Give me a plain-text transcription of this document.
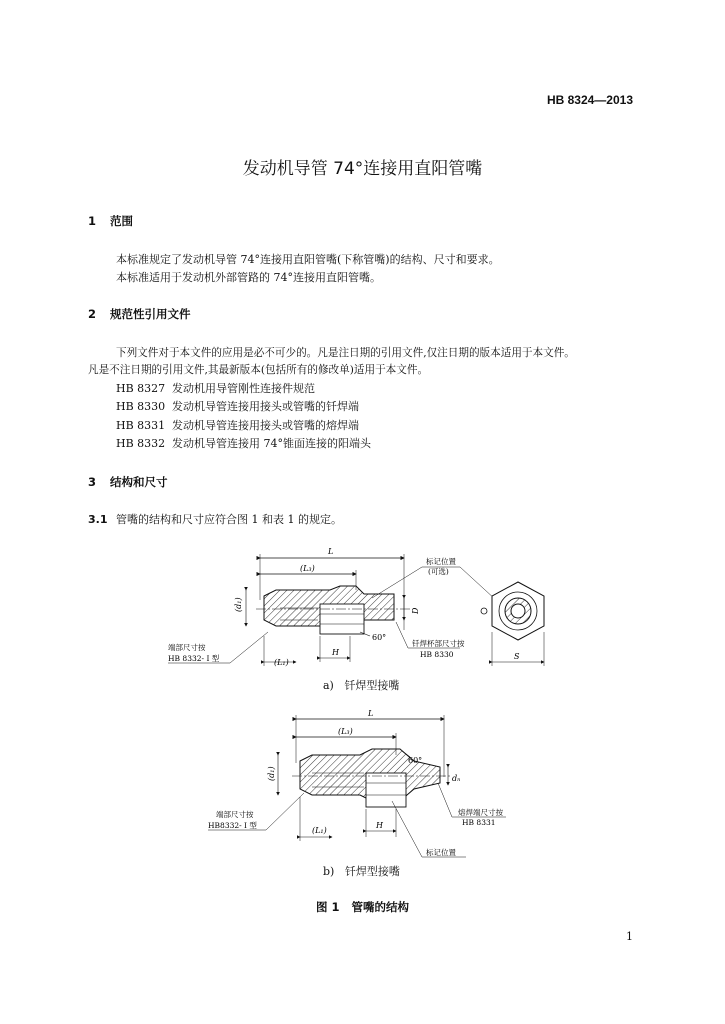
HB 8324—2013
发动机导管 74°连接用直阳管嘴
1 范围
本标准规定了发动机导管 74°连接用直阳管嘴(下称管嘴)的结构、尺寸和要求。
本标准适用于发动机外部管路的 74°连接用直阳管嘴。
2 规范性引用文件
下列文件对于本文件的应用是必不可少的。凡是注日期的引用文件,仅注日期的版本适用于本文件。
凡是不注日期的引用文件,其最新版本(包括所有的修改单)适用于本文件。
HB 8327 发动机用导管刚性连接件规范
HB 8330 发动机导管连接用接头或管嘴的钎焊端
HB 8331 发动机导管连接用接头或管嘴的熔焊端
HB 8332 发动机导管连接用 74°锥面连接的阳端头
3 结构和尺寸
3.1 管嘴的结构和尺寸应符合图 1 和表 1 的规定。
L
(L₃)
(d₁)	D
60°
H
(L₁)
端部尺寸按
HB 8332- I 型
钎焊杯部尺寸按
HB 8330
标记位置
(可选)
S
a) 钎焊型接嘴
L
(L₃)
(d₁)	dₙ
60°
H
(L₁)
端部尺寸按
HB8332- I 型
熔焊端尺寸按
HB 8331
标记位置
b) 钎焊型接嘴
图 1 管嘴的结构
1
